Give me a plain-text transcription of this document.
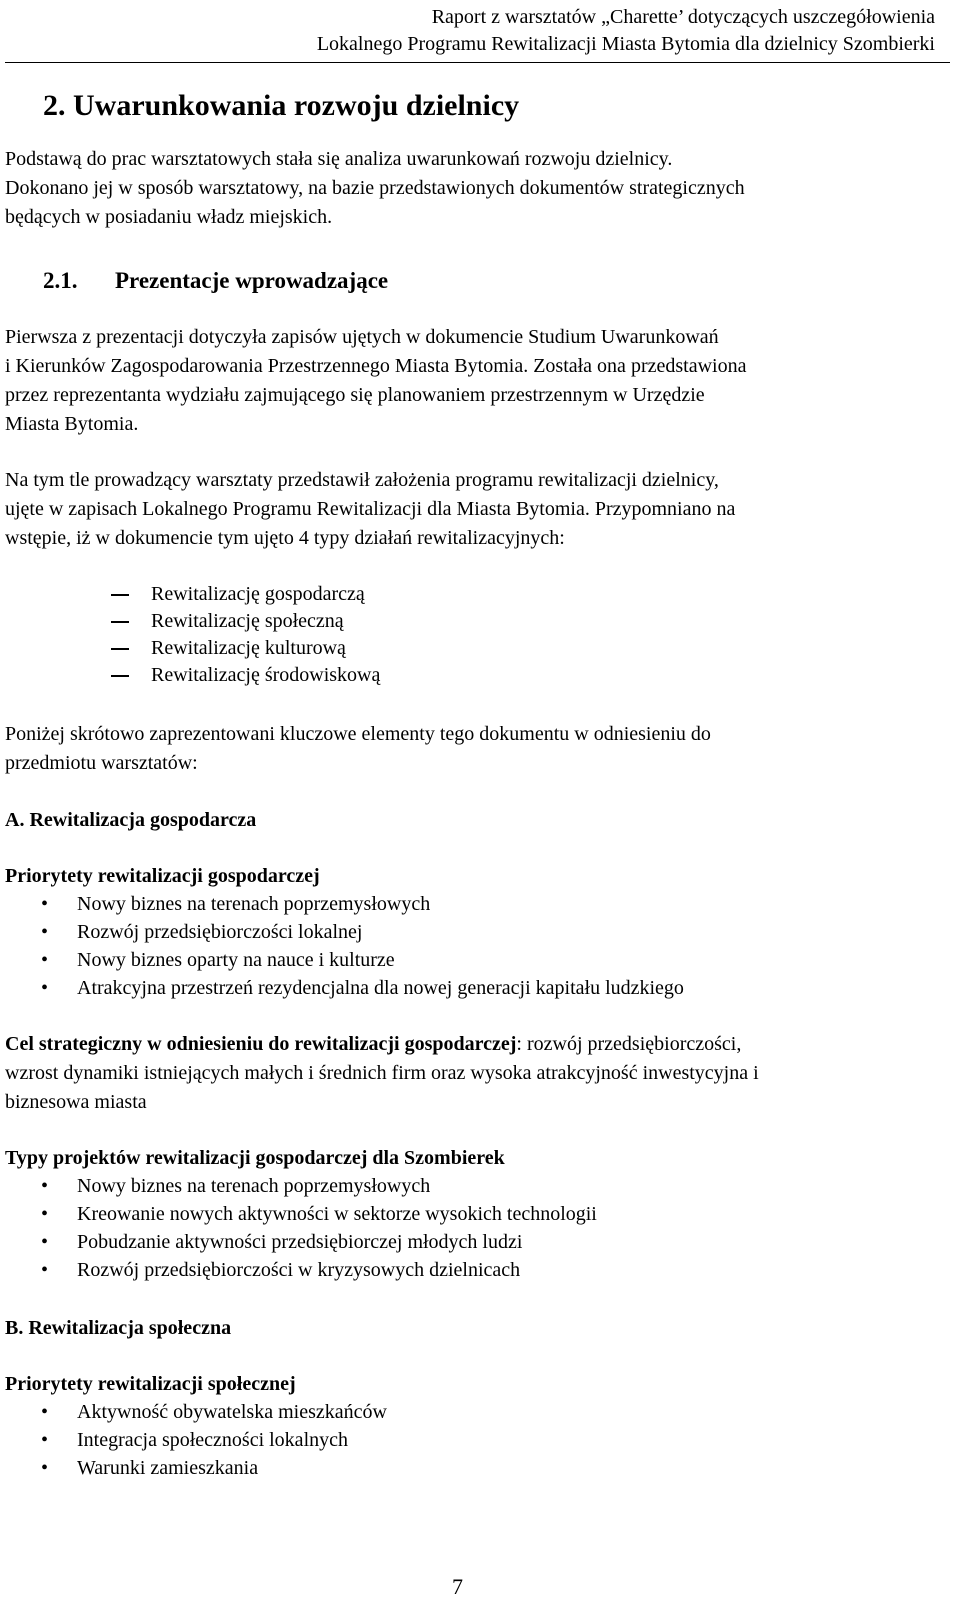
Raport z warsztatów „Charette’ dotyczących uszczegółowienia
Lokalnego Programu Rewitalizacji Miasta Bytomia dla dzielnicy Szombierki
2. Uwarunkowania rozwoju dzielnicy
Podstawą do prac warsztatowych stała się analiza uwarunkowań rozwoju dzielnicy.
Dokonano jej w sposób warsztatowy, na bazie przedstawionych dokumentów strategicznych
będących w posiadaniu władz miejskich.
2.1. Prezentacje wprowadzające
Pierwsza z prezentacji dotyczyła zapisów ujętych w dokumencie Studium Uwarunkowań
i Kierunków Zagospodarowania Przestrzennego Miasta Bytomia. Została ona przedstawiona
przez reprezentanta wydziału zajmującego się planowaniem przestrzennym w Urzędzie
Miasta Bytomia.
Na tym tle prowadzący warsztaty przedstawił założenia programu rewitalizacji dzielnicy,
ujęte w zapisach Lokalnego Programu Rewitalizacji dla Miasta Bytomia. Przypomniano na
wstępie, iż w dokumencie tym ujęto 4 typy działań rewitalizacyjnych:
Rewitalizację gospodarczą
Rewitalizację społeczną
Rewitalizację kulturową
Rewitalizację środowiskową
Poniżej skrótowo zaprezentowani kluczowe elementy tego dokumentu w odniesieniu do
przedmiotu warsztatów:
A. Rewitalizacja gospodarcza
Priorytety rewitalizacji gospodarczej
• Nowy biznes na terenach poprzemysłowych
• Rozwój przedsiębiorczości lokalnej
• Nowy biznes oparty na nauce i kulturze
• Atrakcyjna przestrzeń rezydencjalna dla nowej generacji kapitału ludzkiego
Cel strategiczny w odniesieniu do rewitalizacji gospodarczej: rozwój przedsiębiorczości,
wzrost dynamiki istniejących małych i średnich firm oraz wysoka atrakcyjność inwestycyjna i
biznesowa miasta
Typy projektów rewitalizacji gospodarczej dla Szombierek
• Nowy biznes na terenach poprzemysłowych
• Kreowanie nowych aktywności w sektorze wysokich technologii
• Pobudzanie aktywności przedsiębiorczej młodych ludzi
• Rozwój przedsiębiorczości w kryzysowych dzielnicach
B. Rewitalizacja społeczna
Priorytety rewitalizacji społecznej
• Aktywność obywatelska mieszkańców
• Integracja społeczności lokalnych
• Warunki zamieszkania
7
